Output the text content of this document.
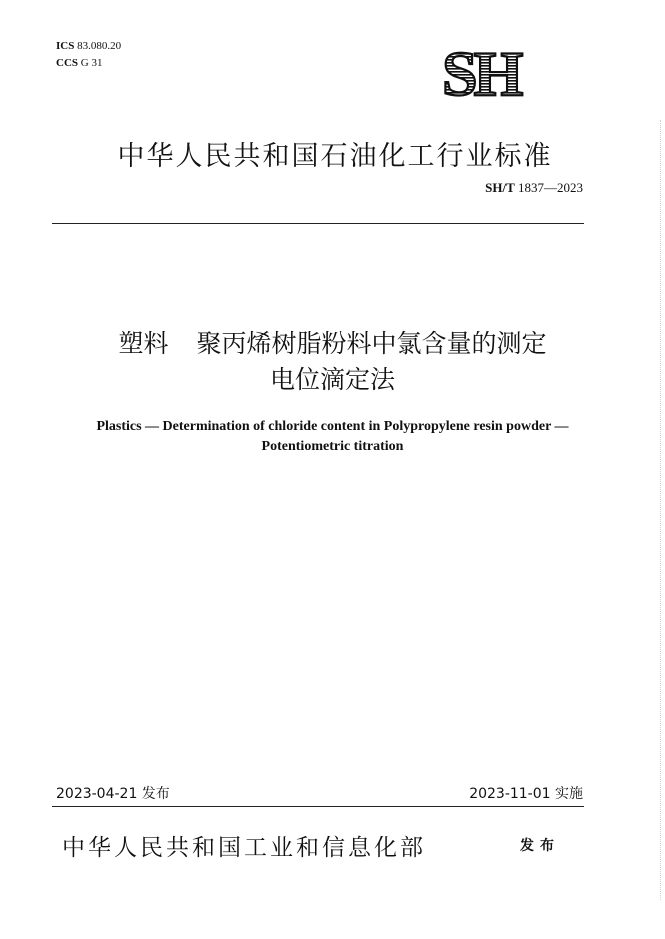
ICS 83.080.20
CCS G 31	SH
中华人民共和国石油化工行业标准
SH/T 1837—2023
塑料 聚丙烯树脂粉料中氯含量的测定
电位滴定法
Plastics — Determination of chloride content in Polypropylene resin powder —
Potentiometric titration
2023-04-21 发布	2023-11-01 实施
中华人民共和国工业和信息化部	发布
